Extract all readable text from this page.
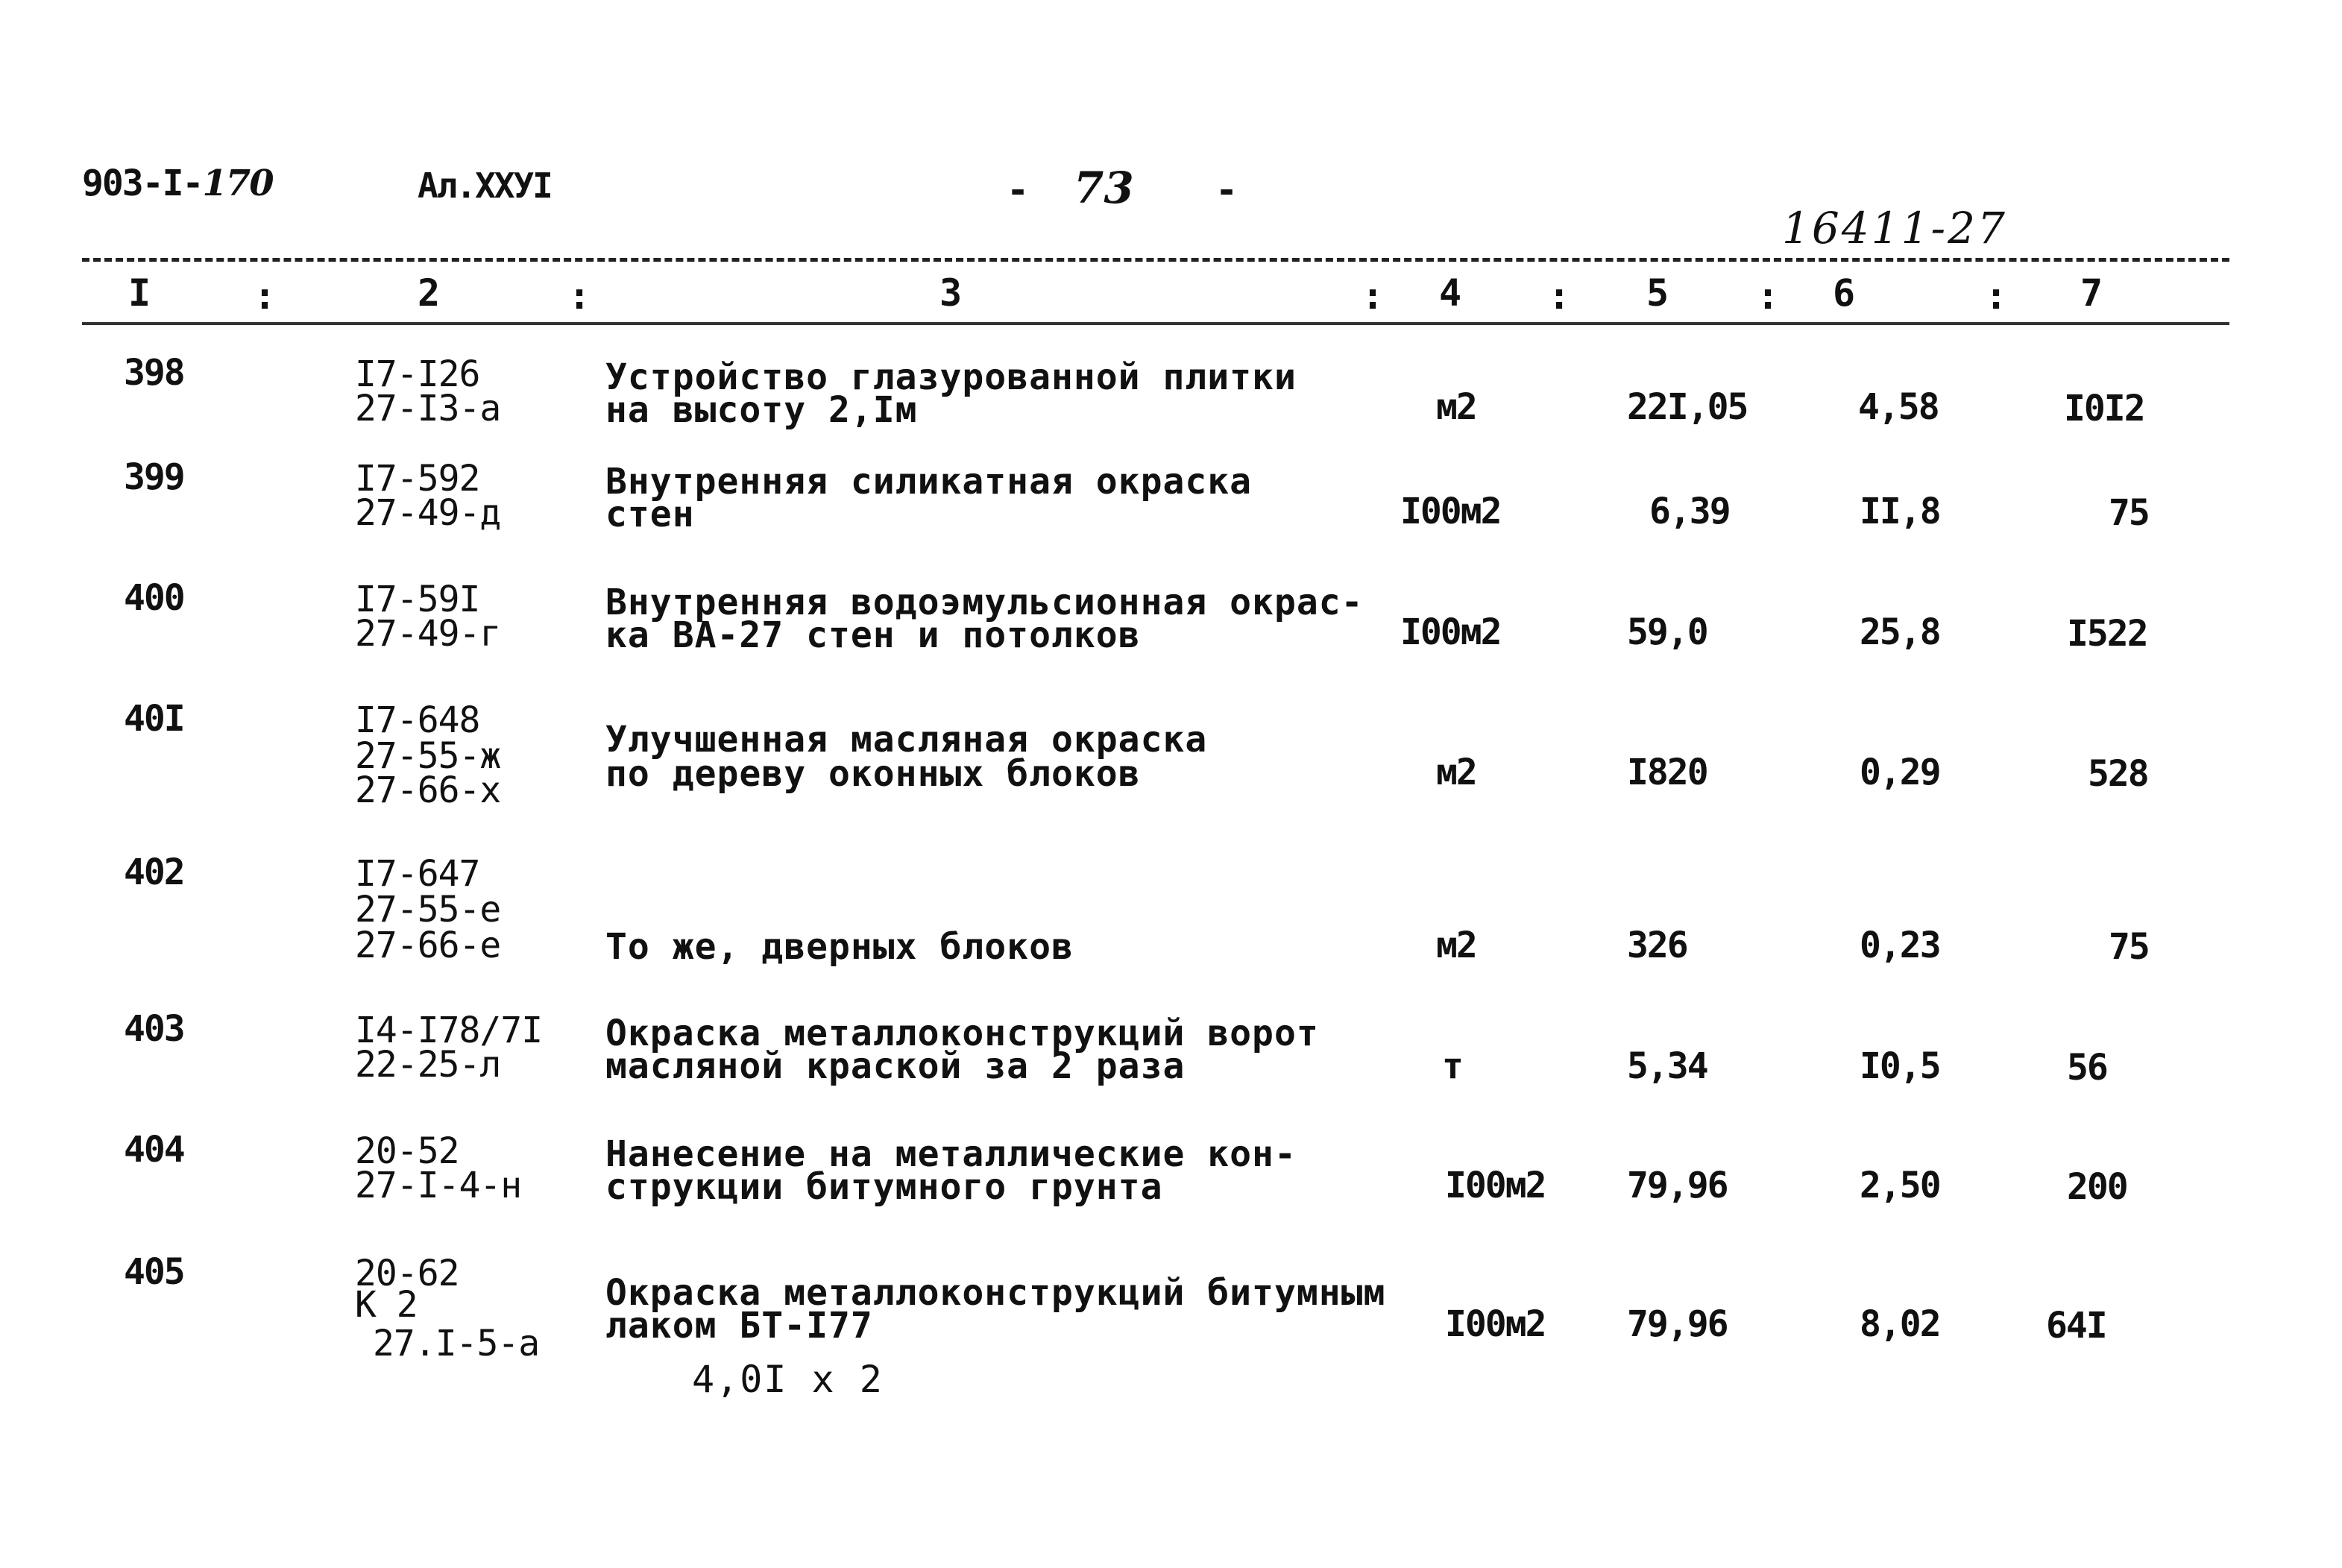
903-I-170	Ал.XXУI	- 73 -
16411-27
I	:	2	:	3	: 4 : 5 : 6	: 7
398	I7-I26
27-I3-а
Устройство глазурованной плитки
на высоту 2,Iм	м2	22I,05	4,58	I0I2
399	I7-592
27-49-д
Внутренняя силикатная окраска
стен	I00м2	6,39	II,8	75
400	I7-59I
27-49-г
Внутренняя водоэмульсионная окрас-
ка ВА-27 стен и потолков	I00м2	59,0	25,8	I522
40I	I7-648
27-55-ж
27-66-х
Улучшенная масляная окраска
по дереву оконных блоков	м2	I820	0,29	528
402	I7-647
27-55-е
27-66-е	То же, дверных блоков	м2	326	0,23	75
403	I4-I78/7I
22-25-л
Окраска металлоконструкций ворот
масляной краской за 2 раза	т	5,34	I0,5	56
404	20-52
27-I-4-н
Нанесение на металлические кон-
струкции битумного грунта	I00м2 79,96	2,50	200
405	20-62
К 2
27.I-5-а
Окраска металлоконструкций битумным
лаком БТ-I77
4,0I х 2
I00м2 79,96	8,02	64I
